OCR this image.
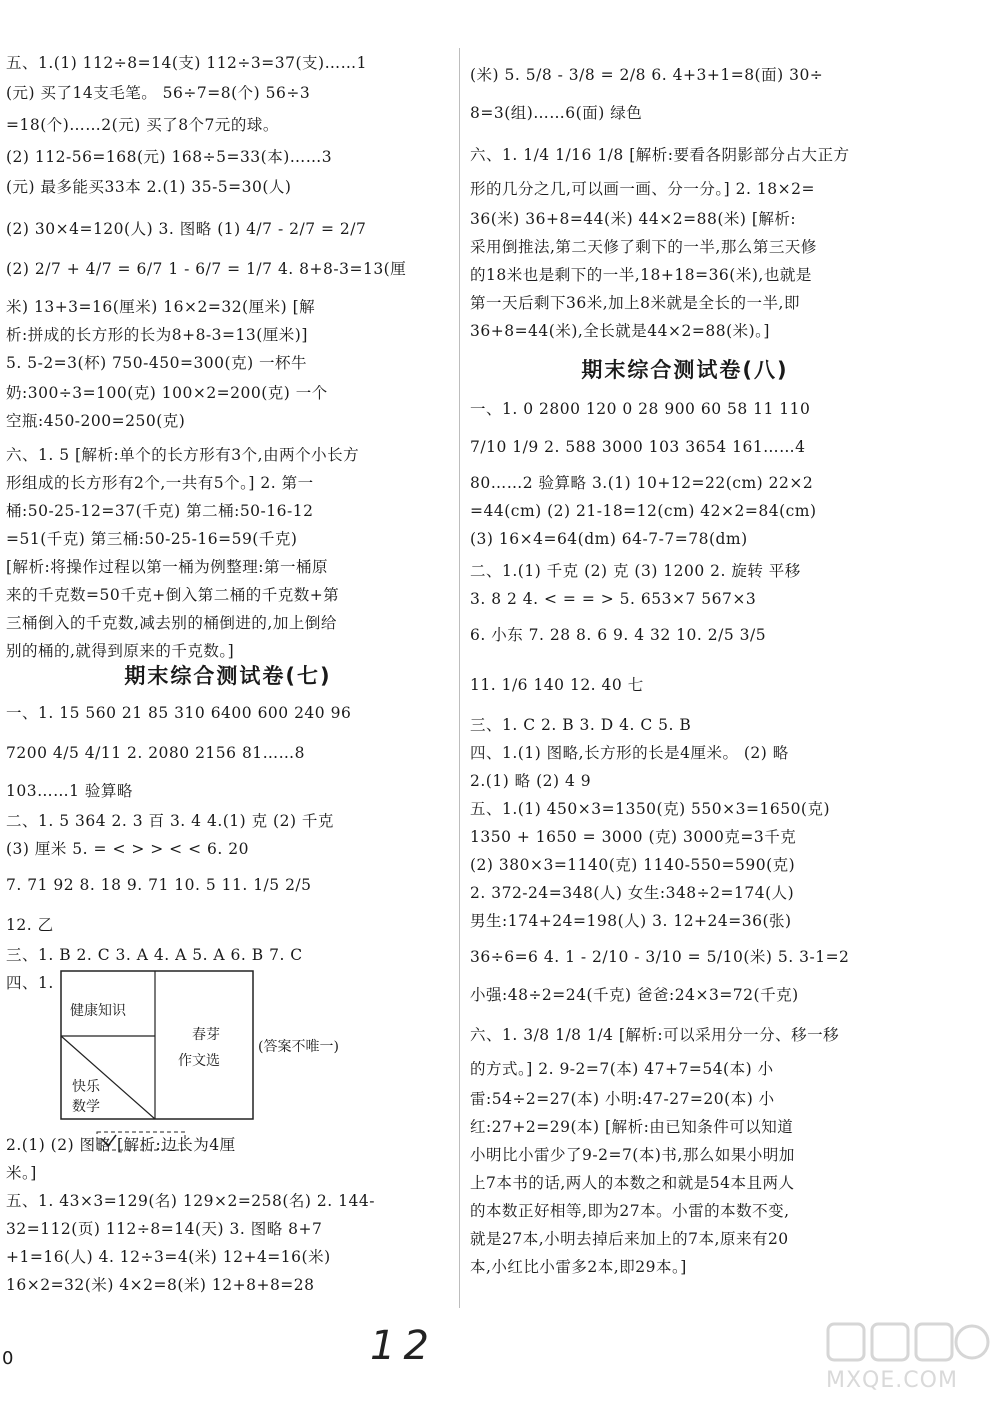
五、1.(1) 112÷8=14(支) 112÷3=37(支)……1
(元) 买了14支毛笔。 56÷7=8(个) 56÷3
=18(个)……2(元) 买了8个7元的球。
(2) 112-56=168(元) 168÷5=33(本)……3
(元) 最多能买33本 2.(1) 35-5=30(人)
(2) 30×4=120(人) 3. 图略 (1) 4/7 - 2/7 = 2/7
(2) 2/7 + 4/7 = 6/7 1 - 6/7 = 1/7 4. 8+8-3=13(厘
米) 13+3=16(厘米) 16×2=32(厘米) [解
析:拼成的长方形的长为8+8-3=13(厘米)]
5. 5-2=3(杯) 750-450=300(克) 一杯牛
奶:300÷3=100(克) 100×2=200(克) 一个
空瓶:450-200=250(克)
六、1. 5 [解析:单个的长方形有3个,由两个小长方
形组成的长方形有2个,一共有5个。] 2. 第一
桶:50-25-12=37(千克) 第二桶:50-16-12
=51(千克) 第三桶:50-25-16=59(千克)
[解析:将操作过程以第一桶为例整理:第一桶原
来的千克数=50千克+倒入第二桶的千克数+第
三桶倒入的千克数,减去别的桶倒进的,加上倒给
别的桶的,就得到原来的千克数。]
期末综合测试卷(七)
一、1. 15 560 21 85 310 6400 600 240 96
7200 4/5 4/11 2. 2080 2156 81……8
103……1 验算略
二、1. 5 364 2. 3 百 3. 4 4.(1) 克 (2) 千克
(3) 厘米 5. = < > > < < 6. 20
7. 71 92 8. 18 9. 71 10. 5 11. 1/5 2/5
12. 乙
三、1. B 2. C 3. A 4. A 5. A 6. B 7. C
四、1.
2.(1) (2) 图略 [解析:边长为4厘
米。]
五、1. 43×3=129(名) 129×2=258(名) 2. 144-
32=112(页) 112÷8=14(天) 3. 图略 8+7
+1=16(人) 4. 12÷3=4(米) 12+4=16(米)
16×2=32(米) 4×2=8(米) 12+8+8=28
健康知识
春芽
作文选
快乐
数学
(答案不唯一)
(米) 5. 5/8 - 3/8 = 2/8 6. 4+3+1=8(面) 30÷
8=3(组)……6(面) 绿色
六、1. 1/4 1/16 1/8 [解析:要看各阴影部分占大正方
形的几分之几,可以画一画、分一分。] 2. 18×2=
36(米) 36+8=44(米) 44×2=88(米) [解析:
采用倒推法,第二天修了剩下的一半,那么第三天修
的18米也是剩下的一半,18+18=36(米),也就是
第一天后剩下36米,加上8米就是全长的一半,即
36+8=44(米),全长就是44×2=88(米)。]
期末综合测试卷(八)
一、1. 0 2800 120 0 28 900 60 58 11 110
7/10 1/9 2. 588 3000 103 3654 161……4
80……2 验算略 3.(1) 10+12=22(cm) 22×2
=44(cm) (2) 21-18=12(cm) 42×2=84(cm)
(3) 16×4=64(dm) 64-7-7=78(dm)
二、1.(1) 千克 (2) 克 (3) 1200 2. 旋转 平移
3. 8 2 4. < = = > 5. 653×7 567×3
6. 小东 7. 28 8. 6 9. 4 32 10. 2/5 3/5
11. 1/6 140 12. 40 七
三、1. C 2. B 3. D 4. C 5. B
四、1.(1) 图略,长方形的长是4厘米。 (2) 略
2.(1) 略 (2) 4 9
五、1.(1) 450×3=1350(克) 550×3=1650(克)
1350 + 1650 = 3000 (克) 3000克=3千克
(2) 380×3=1140(克) 1140-550=590(克)
2. 372-24=348(人) 女生:348÷2=174(人)
男生:174+24=198(人) 3. 12+24=36(张)
36÷6=6 4. 1 - 2/10 - 3/10 = 5/10(米) 5. 3-1=2
小强:48÷2=24(千克) 爸爸:24×3=72(千克)
六、1. 3/8 1/8 1/4 [解析:可以采用分一分、移一移
的方式。] 2. 9-2=7(本) 47+7=54(本) 小
雷:54÷2=27(本) 小明:47-27=20(本) 小
红:27+2=29(本) [解析:由已知条件可以知道
小明比小雷少了9-2=7(本)书,那么如果小明加
上7本书的话,两人的本数之和就是54本且两人
的本数正好相等,即为27本。小雷的本数不变,
就是27本,小明去掉后来加上的7本,原来有20
本,小红比小雷多2本,即29本。]
0	12
MXQE.COM
